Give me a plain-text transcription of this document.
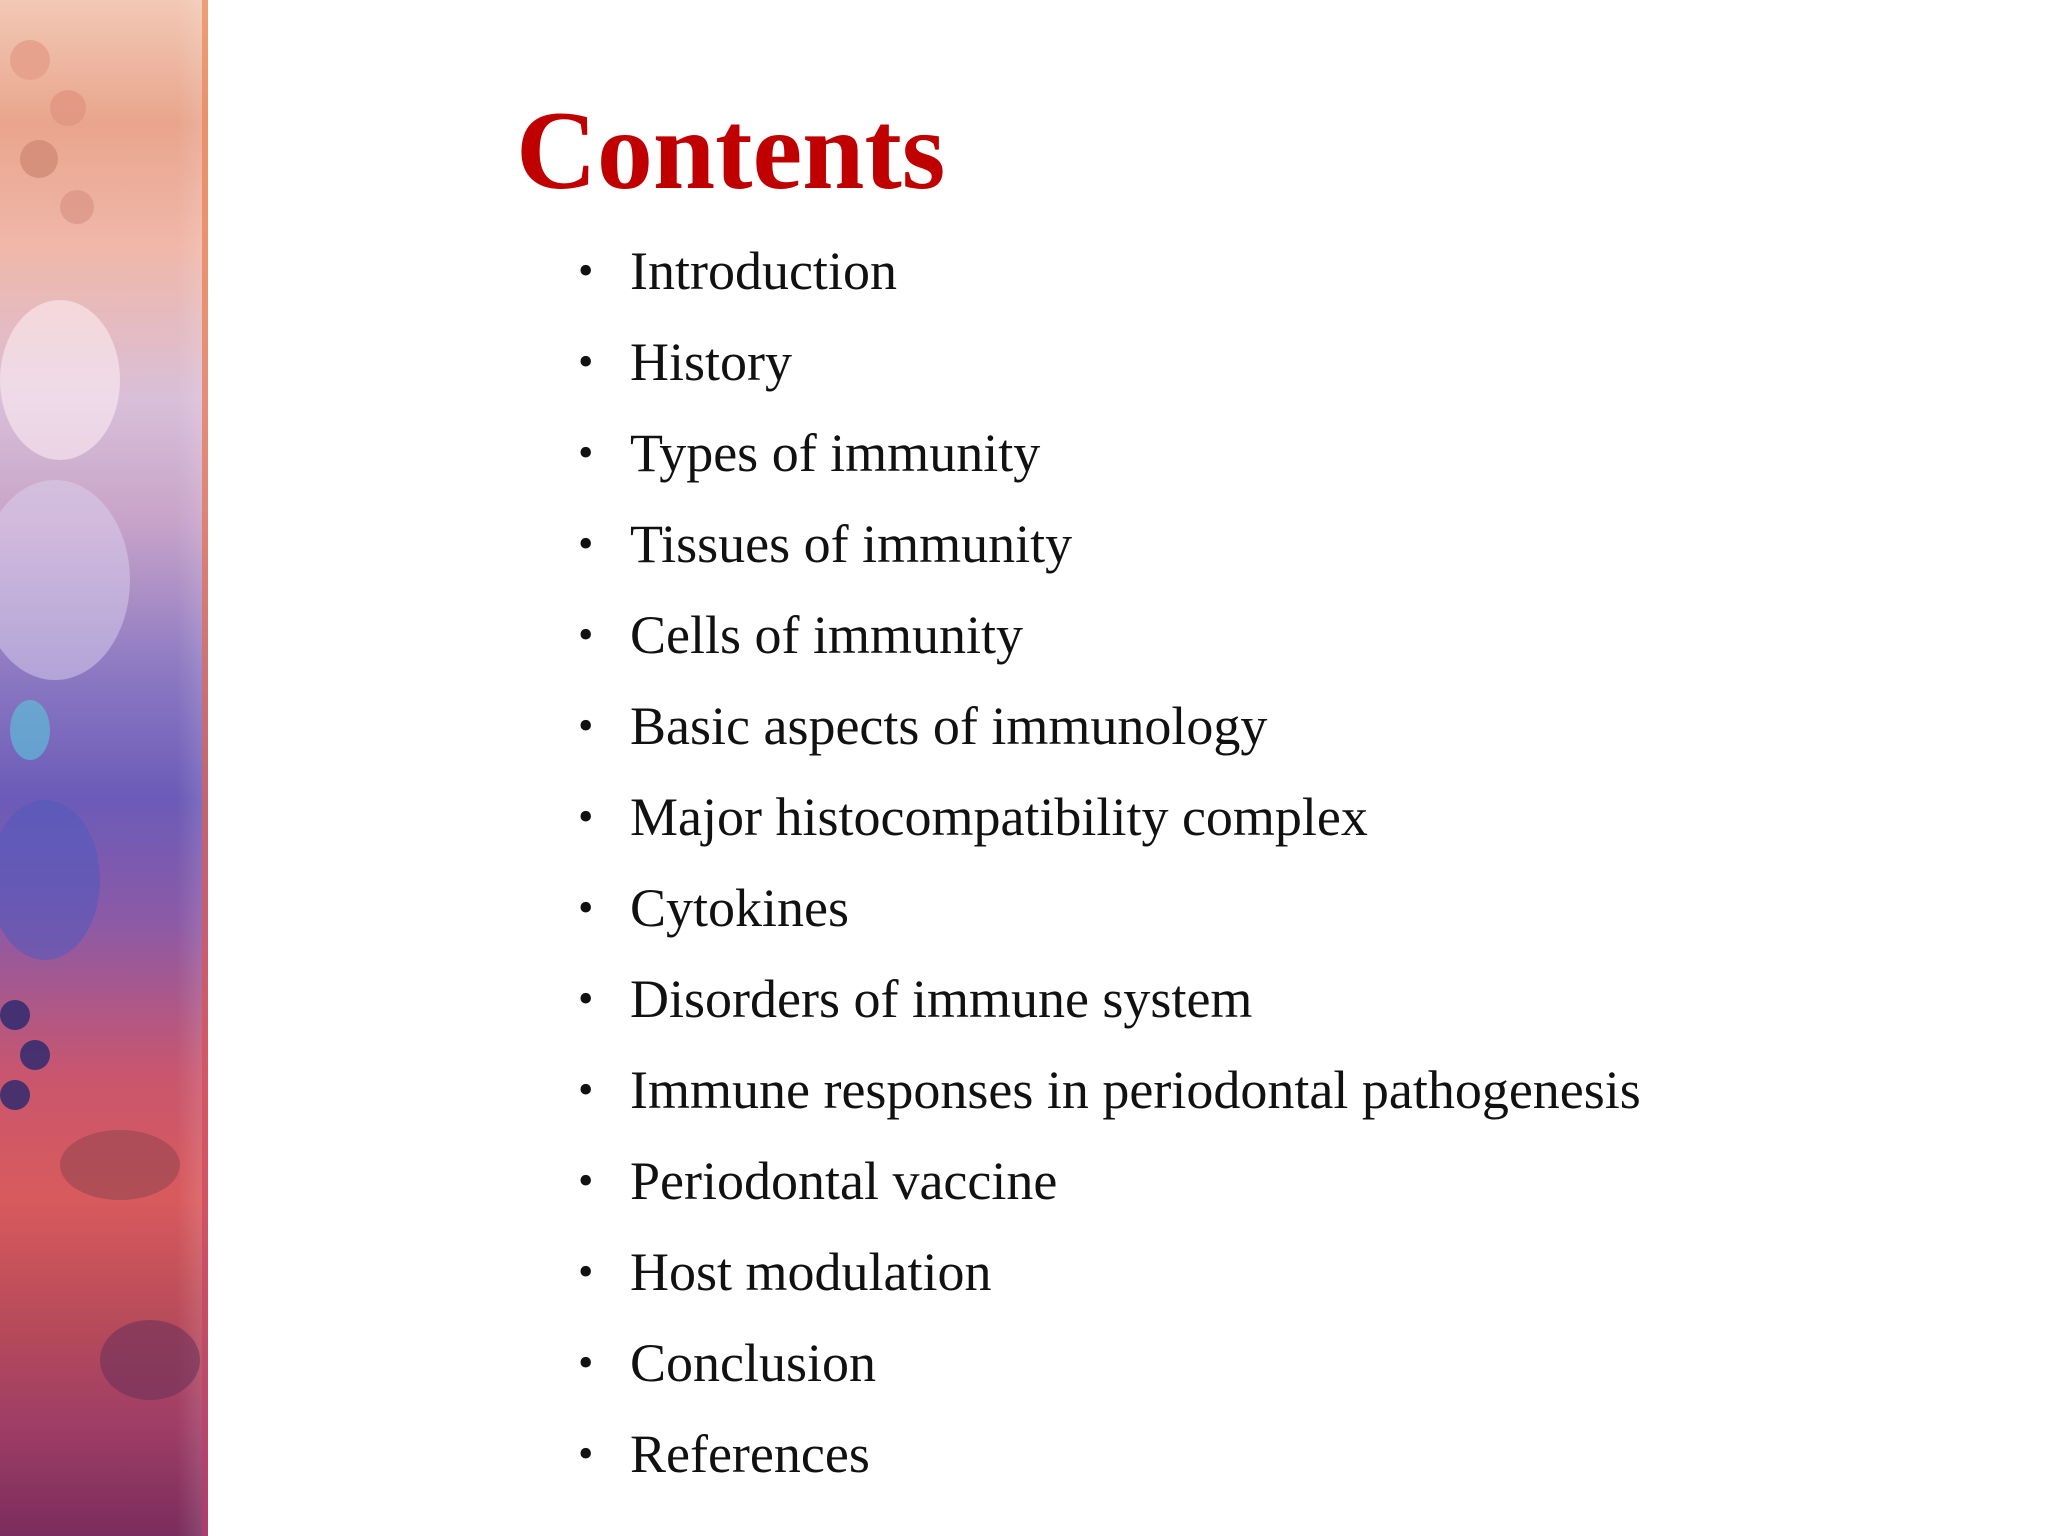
Contents
• Introduction
• History
• Types of immunity
• Tissues of immunity
• Cells of immunity
• Basic aspects of immunology
• Major histocompatibility complex
• Cytokines
• Disorders of immune system
• Immune responses in periodontal pathogenesis
• Periodontal vaccine
• Host modulation
• Conclusion
• References
